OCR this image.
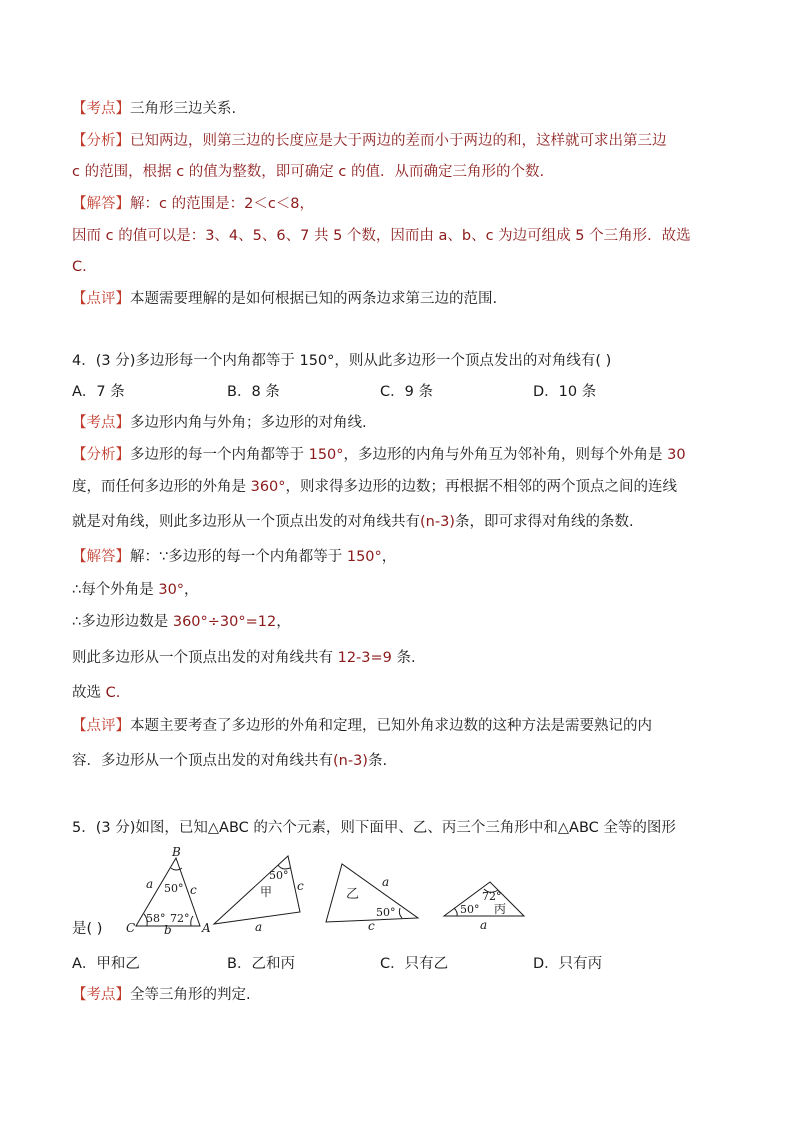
【考点】三角形三边关系.
【分析】已知两边，则第三边的长度应是大于两边的差而小于两边的和，这样就可求出第三边
c 的范围，根据 c 的值为整数，即可确定 c 的值．从而确定三角形的个数.
【解答】解：c 的范围是：2＜c＜8，
因而 c 的值可以是：3、4、5、6、7 共 5 个数，因而由 a、b、c 为边可组成 5 个三角形．故选
C.
【点评】本题需要理解的是如何根据已知的两条边求第三边的范围.
4．(3 分)多边形每一个内角都等于 150°，则从此多边形一个顶点发出的对角线有( )
A．7 条	B．8 条	C．9 条	D．10 条
【考点】多边形内角与外角；多边形的对角线.
【分析】多边形的每一个内角都等于 150°，多边形的内角与外角互为邻补角，则每个外角是 30
度，而任何多边形的外角是 360°，则求得多边形的边数；再根据不相邻的两个顶点之间的连线
就是对角线，则此多边形从一个顶点出发的对角线共有(n-3)条，即可求得对角线的条数.
【解答】解：∵多边形的每一个内角都等于 150°，
∴每个外角是 30°，
∴多边形边数是 360°÷30°=12，
则此多边形从一个顶点出发的对角线共有 12-3=9 条.
故选 C.
【点评】本题主要考查了多边形的外角和定理，已知外角求边数的这种方法是需要熟记的内
容．多边形从一个顶点出发的对角线共有(n-3)条.
5．(3 分)如图，已知△ABC 的六个元素，则下面甲、乙、丙三个三角形中和△ABC 全等的图形
B
C	A
a	c
b
50°
58° 72°
甲
50°
c
a
乙
50°
a
c
72°
丙
50°
a
是( )
A．甲和乙	B．乙和丙	C．只有乙	D．只有丙
【考点】全等三角形的判定.
